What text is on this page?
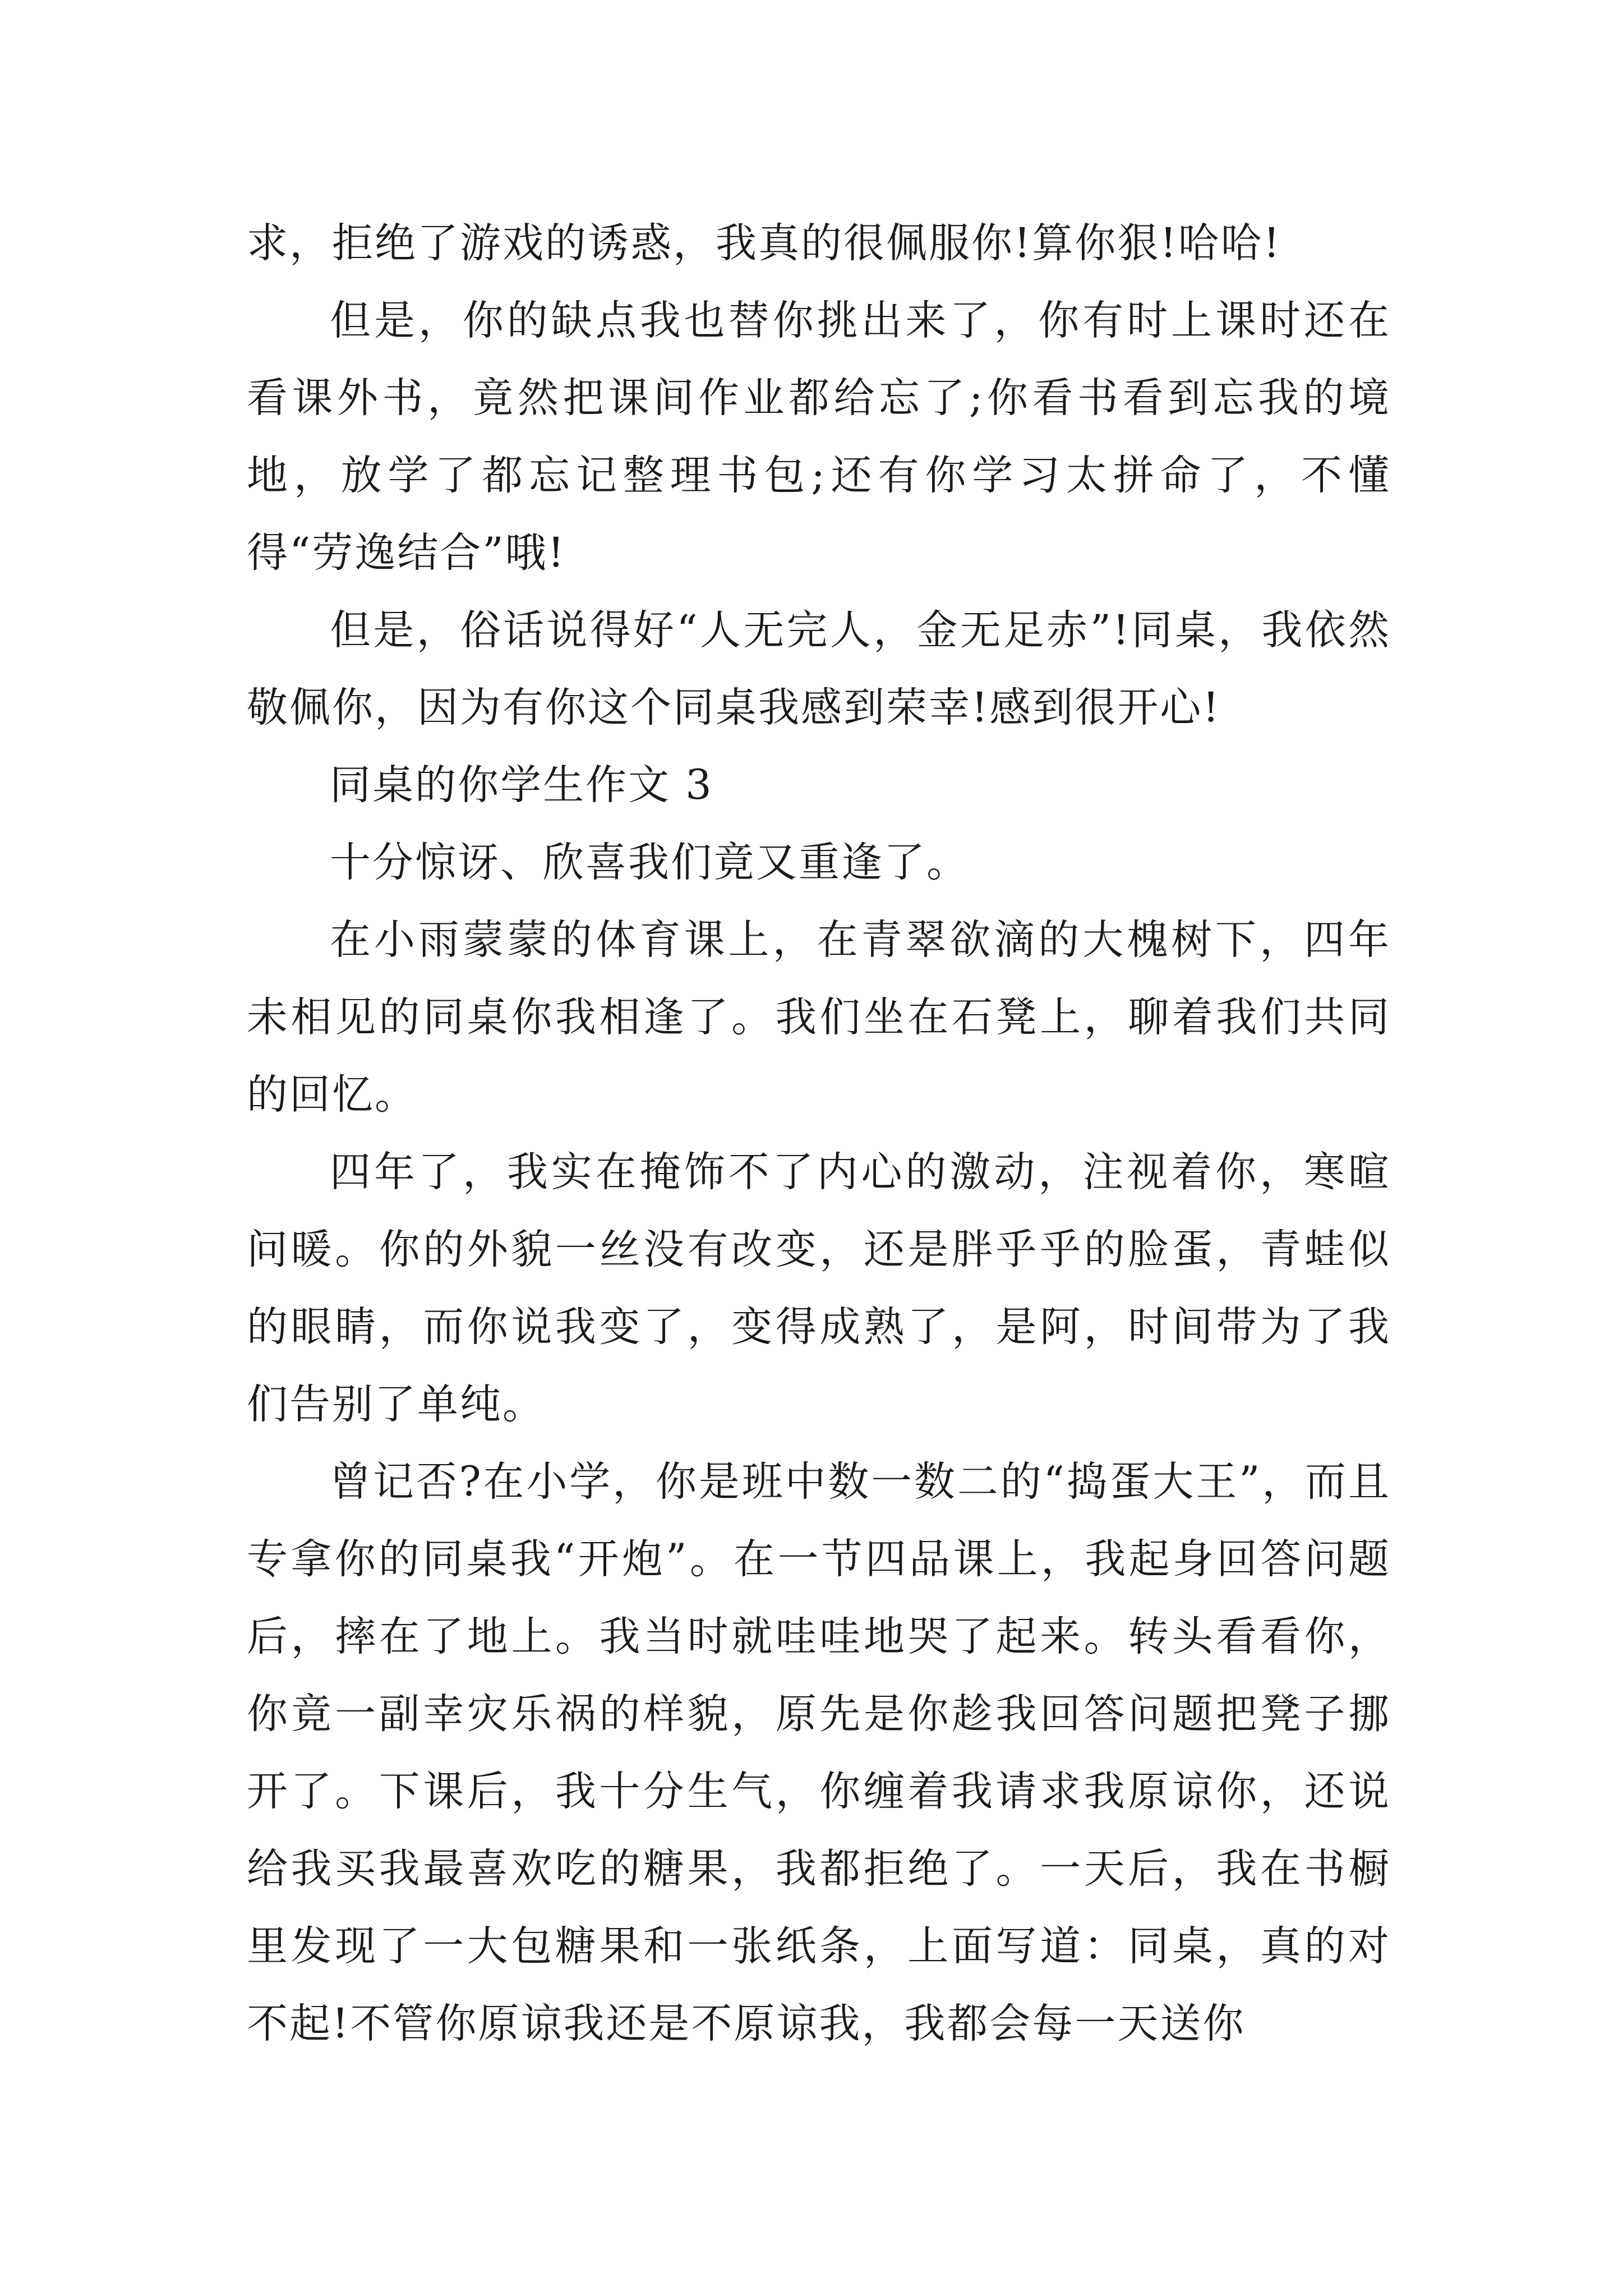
求，拒绝了游戏的诱惑，我真的很佩服你!算你狠!哈哈!

但是，你的缺点我也替你挑出来了，你有时上课时还在看课外书，竟然把课间作业都给忘了;你看书看到忘我的境地，放学了都忘记整理书包;还有你学习太拼命了，不懂得“劳逸结合”哦!

但是，俗话说得好“人无完人，金无足赤”!同桌，我依然敬佩你，因为有你这个同桌我感到荣幸!感到很开心!

同桌的你学生作文 3

十分惊讶、欣喜我们竟又重逢了。

在小雨蒙蒙的体育课上，在青翠欲滴的大槐树下，四年未相见的同桌你我相逢了。我们坐在石凳上，聊着我们共同的回忆。

四年了，我实在掩饰不了内心的激动，注视着你，寒暄问暖。你的外貌一丝没有改变，还是胖乎乎的脸蛋，青蛙似的眼睛，而你说我变了，变得成熟了，是阿，时间带为了我们告别了单纯。

曾记否?在小学，你是班中数一数二的“捣蛋大王”，而且专拿你的同桌我“开炮”。在一节四品课上，我起身回答问题后，摔在了地上。我当时就哇哇地哭了起来。转头看看你，你竟一副幸灾乐祸的样貌，原先是你趁我回答问题把凳子挪开了。下课后，我十分生气，你缠着我请求我原谅你，还说给我买我最喜欢吃的糖果，我都拒绝了。一天后，我在书橱里发现了一大包糖果和一张纸条，上面写道：同桌，真的对不起!不管你原谅我还是不原谅我，我都会每一天送你
